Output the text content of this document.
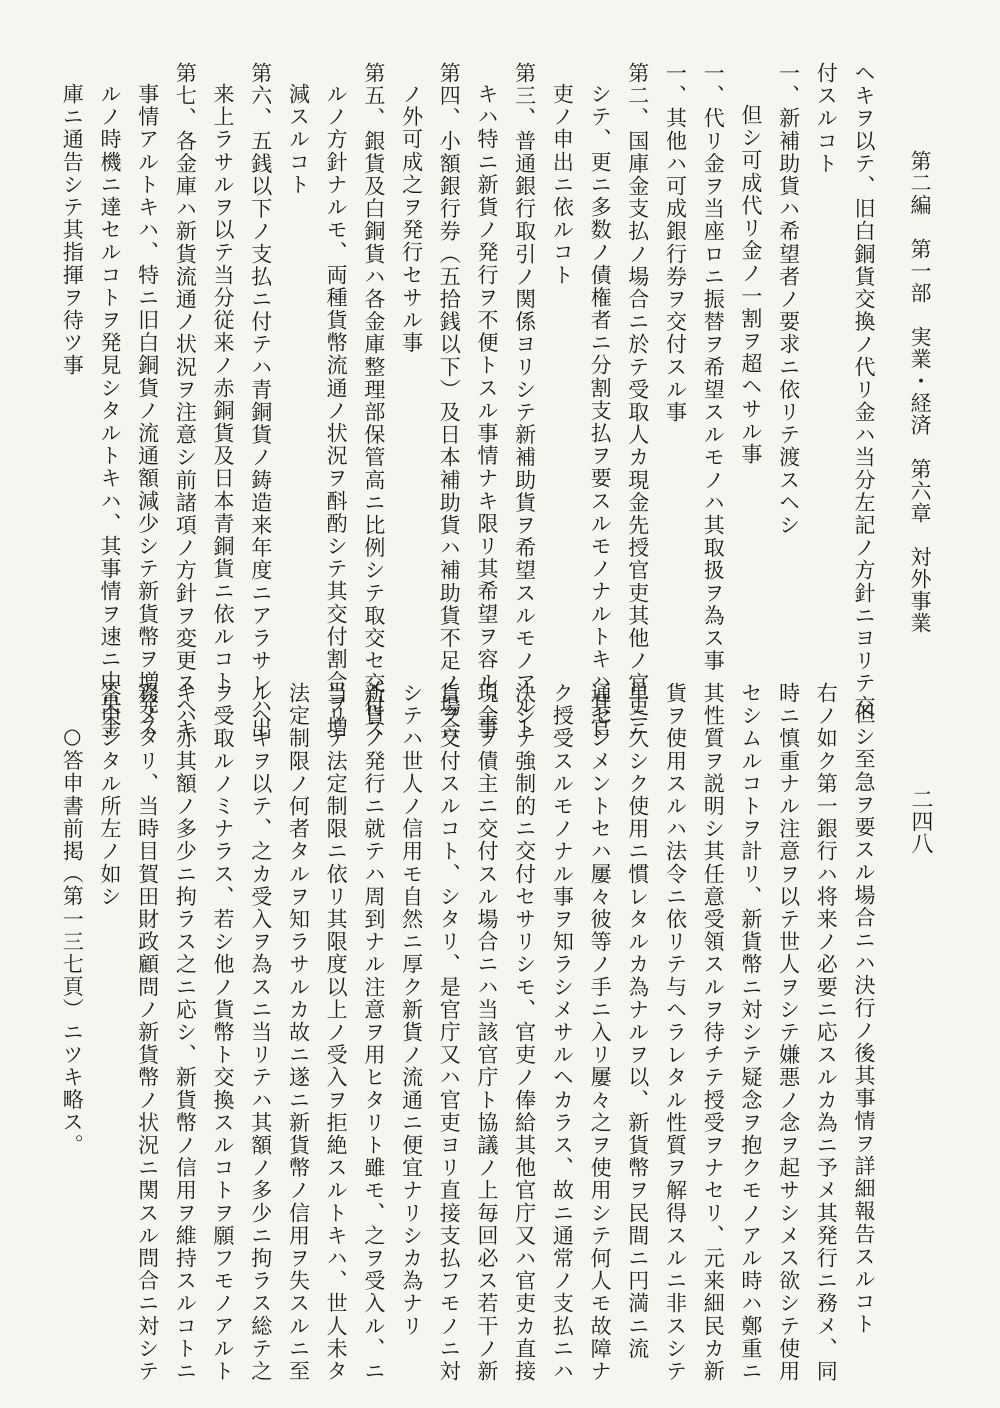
第二編　第一部　実業・経済　第六章　対外事業
二四八
ヘキヲ以テ、旧白銅貨交換ノ代リ金ハ当分左記ノ方針ニヨリテ交
付スルコト
一、新補助貨ハ希望者ノ要求ニ依リテ渡スヘシ
但シ可成代リ金ノ一割ヲ超ヘサル事
一、代リ金ヲ当座ロニ振替ヲ希望スルモノハ其取扱ヲ為ス事
一、其他ハ可成銀行券ヲ交付スル事
第二、国庫金支払ノ場合ニ於テ受取人カ現金先授官吏其他ノ官吏ニ
シテ、更ニ多数ノ債権者ニ分割支払ヲ要スルモノナルトキハ其官
吏ノ申出ニ依ルコト
第三、普通銀行取引ノ関係ヨリシテ新補助貨ヲ希望スルモノアルト
キハ特ニ新貨ノ発行ヲ不便トスル事情ナキ限リ其希望ヲ容ル、事
第四、小額銀行券（五拾銭以下）及日本補助貨ハ補助貨不足ノ場合
ノ外可成之ヲ発行セサル事
第五、銀貨及白銅貨ハ各金庫整理部保管高ニ比例シテ取交セ交付ス
ルノ方針ナルモ、両種貨幣流通ノ状況ヲ酙酌シテ其交付割合ヲ増
減スルコト
第六、五銭以下ノ支払ニ付テハ青銅貨ノ鋳造来年度ニアラサレハ出
来上ラサルヲ以テ当分従来ノ赤銅貨及日本青銅貨ニ依ルコト
第七、各金庫ハ新貨流通ノ状況ヲ注意シ前諸項ノ方針ヲ変更スヘキ
事情アルトキハ、特ニ旧白銅貨ノ流通額減少シテ新貨幣ヲ増発ス
ルノ時機ニ達セルコトヲ発見シタルトキハ、其事情ヲ速ニ中央金
庫ニ通告シテ其指揮ヲ待ツ事
但シ至急ヲ要スル場合ニハ決行ノ後其事情ヲ詳細報告スルコト
右ノ如ク第一銀行ハ将来ノ必要ニ応スルカ為ニ予メ其発行ニ務メ、同
時ニ慎重ナル注意ヲ以テ世人ヲシテ嫌悪ノ念ヲ起サシメス欲シテ使用
セシムルコトヲ計リ、新貨幣ニ対シテ疑念ヲ抱クモノアル時ハ鄭重ニ
其性質ヲ説明シ其任意受領スルヲ待チテ授受ヲナセリ、元来細民カ新
貨ヲ使用スルハ法令ニ依リテ与ヘラレタル性質ヲ解得スルニ非スシテ
単ニ久シク使用ニ慣レタルカ為ナルヲ以、新貨幣ヲ民間ニ円満ニ流
通セシメントセハ屢々彼等ノ手ニ入リ屢々之ヲ使用シテ何人モ故障ナ
ク授受スルモノナル事ヲ知ラシメサルヘカラス、故ニ通常ノ支払ニハ
決シテ強制的ニ交付セサリシモ、官吏ノ俸給其他官庁又ハ官吏カ直接
現金ヲ債主ニ交付スル場合ニハ当該官庁ト協議ノ上毎回必ス若干ノ新
貨ヲ交付スルコト、シタリ、是官庁又ハ官吏ヨリ直接支払フモノニ対
シテハ世人ノ信用モ自然ニ厚ク新貨ノ流通ニ便宜ナリシカ為ナリ
新貨ノ発行ニ就テハ周到ナル注意ヲ用ヒタリト雖モ、之ヲ受入ル、ニ
当リテ法定制限ニ依リ其限度以上ノ受入ヲ拒絶スルトキハ、世人未タ
法定制限ノ何者タルヲ知ラサルカ故ニ遂ニ新貨幣ノ信用ヲ失スルニ至
ルヘキヲ以テ、之カ受入ヲ為スニ当リテハ其額ノ多少ニ拘ラス総テ之
ヲ受取ルノミナラス、若シ他ノ貨幣ト交換スルコトヲ願フモノアルト
キハ亦其額ノ多少ニ拘ラス之ニ応シ、新貨幣ノ信用ヲ維持スルコトニ
務メタリ、当時目賀田財政顧問ノ新貨幣ノ状況ニ関スル問合ニ対シテ
答申シタル所左ノ如シ
○答申書前掲（第一三七頁）ニツキ略ス。
